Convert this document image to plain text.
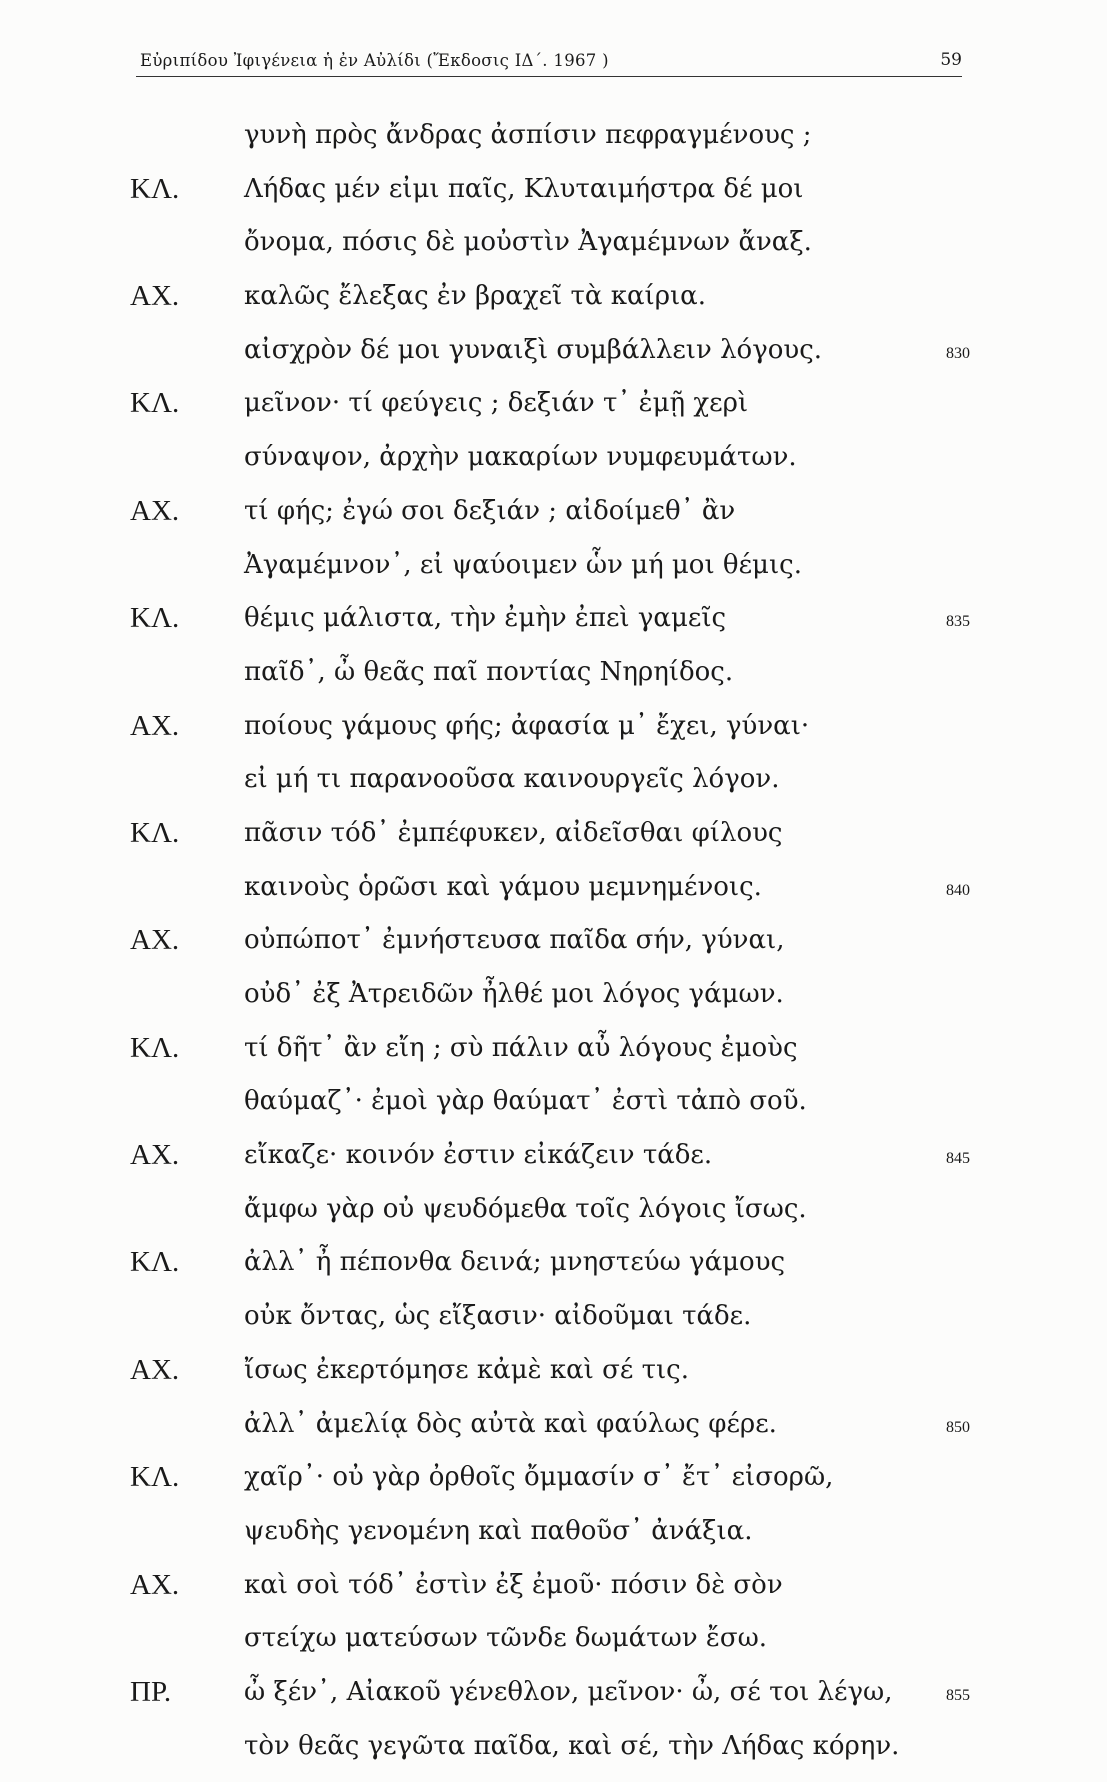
Εὐριπίδου Ἰφιγένεια ἡ ἐν Αὐλίδι (Ἔκδοσις ΙΔ΄. 1967 )	59
γυνὴ πρὸς ἄνδρας ἀσπίσιν πεφραγμένους ;
ΚΛ. Λήδας μέν εἰμι παῖς, Κλυταιμήστρα δέ μοι
ὄνομα, πόσις δὲ μοὐστὶν Ἀγαμέμνων ἄναξ.
ΑΧ. καλῶς ἔλεξας ἐν βραχεῖ τὰ καίρια.
αἰσχρὸν δέ μοι γυναιξὶ συμβάλλειν λόγους.	830
ΚΛ. μεῖνον· τί φεύγεις ; δεξιάν τ᾽ ἐμῇ χερὶ
σύναψον, ἀρχὴν μακαρίων νυμφευμάτων.
ΑΧ. τί φής; ἐγώ σοι δεξιάν ; αἰδοίμεθ᾽ ἂν
Ἀγαμέμνον᾽, εἰ ψαύοιμεν ὧν μή μοι θέμις.
ΚΛ. θέμις μάλιστα, τὴν ἐμὴν ἐπεὶ γαμεῖς	835
παῖδ᾽, ὦ θεᾶς παῖ ποντίας Νηρηίδος.
ΑΧ. ποίους γάμους φής; ἀφασία μ᾽ ἔχει, γύναι·
εἰ μή τι παρανοοῦσα καινουργεῖς λόγον.
ΚΛ. πᾶσιν τόδ᾽ ἐμπέφυκεν, αἰδεῖσθαι φίλους
καινοὺς ὁρῶσι καὶ γάμου μεμνημένοις.	840
ΑΧ. οὐπώποτ᾽ ἐμνήστευσα παῖδα σήν, γύναι,
οὐδ᾽ ἐξ Ἀτρειδῶν ἦλθέ μοι λόγος γάμων.
ΚΛ. τί δῆτ᾽ ἂν εἴη ; σὺ πάλιν αὖ λόγους ἐμοὺς
θαύμαζ᾽· ἐμοὶ γὰρ θαύματ᾽ ἐστὶ τἀπὸ σοῦ.
ΑΧ. εἴκαζε· κοινόν ἐστιν εἰκάζειν τάδε.	845
ἄμφω γὰρ οὐ ψευδόμεθα τοῖς λόγοις ἴσως.
ΚΛ. ἀλλ᾽ ἦ πέπονθα δεινά; μνηστεύω γάμους
οὐκ ὄντας, ὡς εἴξασιν· αἰδοῦμαι τάδε.
ΑΧ. ἴσως ἐκερτόμησε κἀμὲ καὶ σέ τις.
ἀλλ᾽ ἀμελίᾳ δὸς αὐτὰ καὶ φαύλως φέρε.	850
ΚΛ. χαῖρ᾽· οὐ γὰρ ὀρθοῖς ὄμμασίν σ᾽ ἔτ᾽ εἰσορῶ,
ψευδὴς γενομένη καὶ παθοῦσ᾽ ἀνάξια.
ΑΧ. καὶ σοὶ τόδ᾽ ἐστὶν ἐξ ἐμοῦ· πόσιν δὲ σὸν
στείχω ματεύσων τῶνδε δωμάτων ἔσω.
ΠΡ.	ὦ ξέν᾽, Αἰακοῦ γένεθλον, μεῖνον· ὦ, σέ τοι λέγω,	855
τὸν θεᾶς γεγῶτα παῖδα, καὶ σέ, τὴν Λήδας κόρην.
